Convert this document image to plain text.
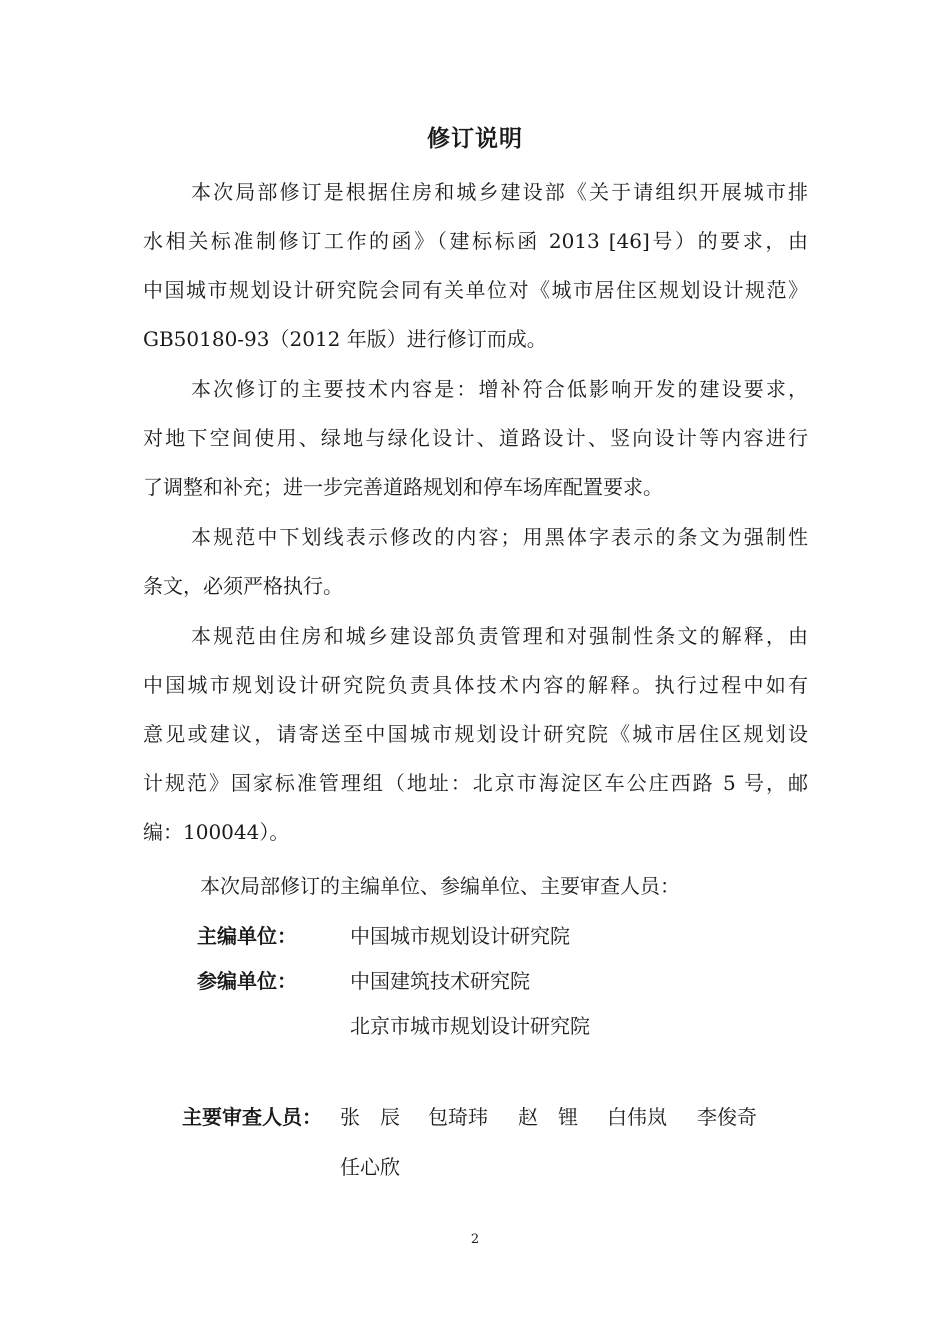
修订说明
本次局部修订是根据住房和城乡建设部《关于请组织开展城市排
水相关标准制修订工作的函》（建标标函 2013 [46]号）的要求，由
中国城市规划设计研究院会同有关单位对《城市居住区规划设计规范》
GB50180-93（2012 年版）进行修订而成。
本次修订的主要技术内容是：增补符合低影响开发的建设要求，
对地下空间使用、绿地与绿化设计、道路设计、竖向设计等内容进行
了调整和补充；进一步完善道路规划和停车场库配置要求。
本规范中下划线表示修改的内容；用黑体字表示的条文为强制性
条文，必须严格执行。
本规范由住房和城乡建设部负责管理和对强制性条文的解释，由
中国城市规划设计研究院负责具体技术内容的解释。执行过程中如有
意见或建议，请寄送至中国城市规划设计研究院《城市居住区规划设
计规范》国家标准管理组（地址：北京市海淀区车公庄西路 5 号，邮
编：100044）。
本次局部修订的主编单位、参编单位、主要审查人员：
主编单位：	中国城市规划设计研究院
参编单位：	中国建筑技术研究院
北京市城市规划设计研究院
主要审查人员： 张　辰 包琦玮 赵　锂 白伟岚 李俊奇
任心欣
2
